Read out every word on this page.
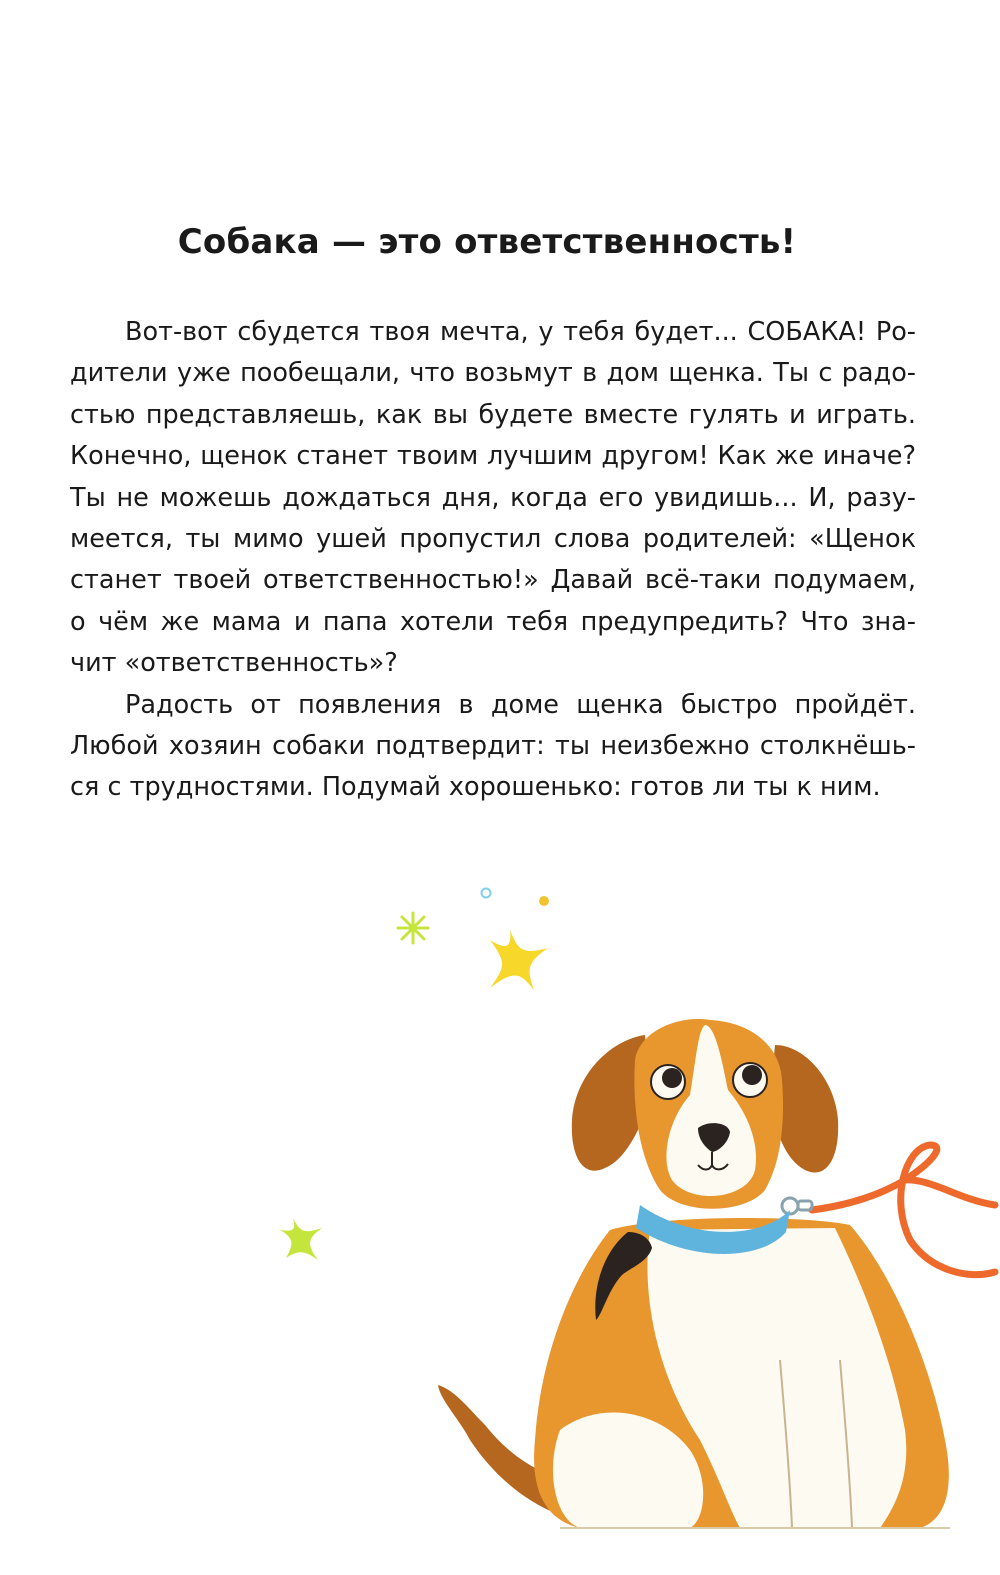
Собака — это ответственность!
Вот-вот сбудется твоя мечта, у тебя будет... СОБАКА! Ро-
дители уже пообещали, что возьмут в дом щенка. Ты с радо-
стью представляешь, как вы будете вместе гулять и играть.
Конечно, щенок станет твоим лучшим другом! Как же иначе?
Ты не можешь дождаться дня, когда его увидишь... И, разу-
меется, ты мимо ушей пропустил слова родителей: «Щенок
станет твоей ответственностью!» Давай всё-таки подумаем,
о чём же мама и папа хотели тебя предупредить? Что зна-
чит «ответственность»?
Радость от появления в доме щенка быстро пройдёт.
Любой хозяин собаки подтвердит: ты неизбежно столкнёшь-
ся с трудностями. Подумай хорошенько: готов ли ты к ним.
